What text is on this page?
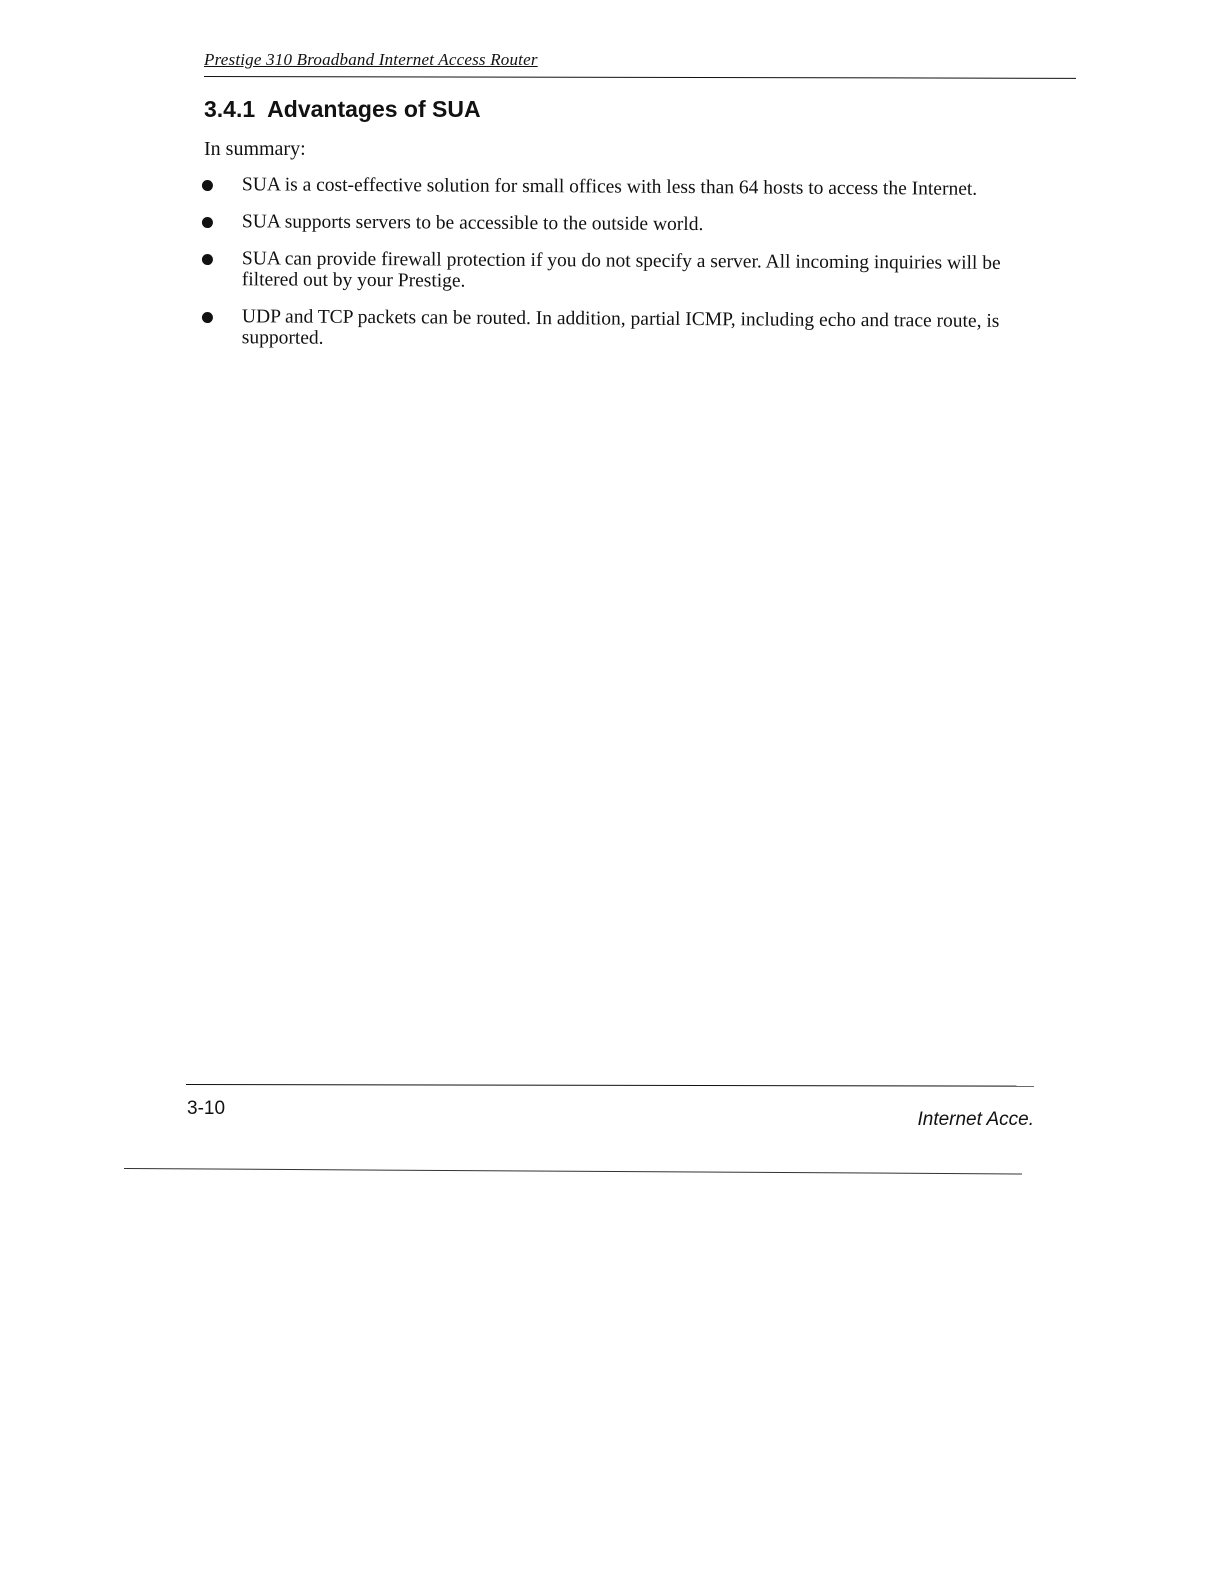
Prestige 310 Broadband Internet Access Router
3.4.1 Advantages of SUA
In summary:
SUA is a cost-effective solution for small offices with less than 64 hosts to access the Internet.
SUA supports servers to be accessible to the outside world.
SUA can provide firewall protection if you do not specify a server. All incoming inquiries will be filtered out by your Prestige.
UDP and TCP packets can be routed. In addition, partial ICMP, including echo and trace route, is supported.
3-10
Internet Acce.
